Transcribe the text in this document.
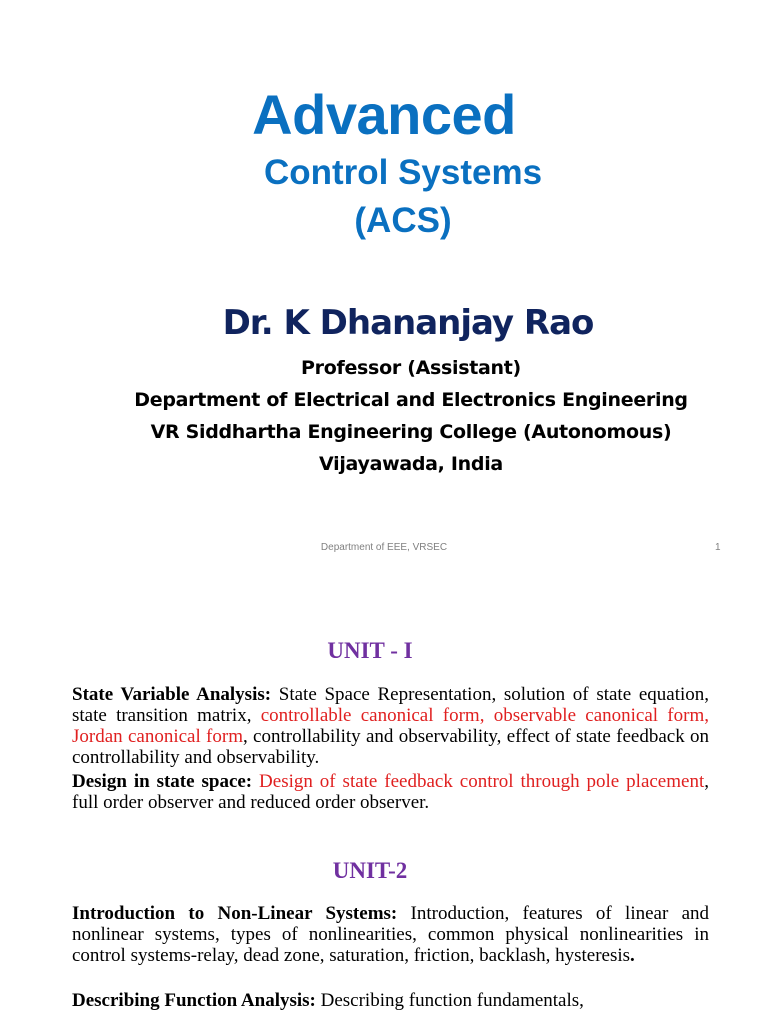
Advanced
Control Systems
(ACS)
Dr. K Dhananjay Rao
Professor (Assistant)
Department of Electrical and Electronics Engineering
VR Siddhartha Engineering College (Autonomous)
Vijayawada, India
Department of EEE, VRSEC	1
UNIT - I

State Variable Analysis: State Space Representation, solution of state equation, state transition matrix, controllable canonical form, observable canonical form, Jordan canonical form, controllability and observability, effect of state feedback on controllability and observability.

Design in state space: Design of state feedback control through pole placement, full order observer and reduced order observer.

UNIT-2

Introduction to Non-Linear Systems: Introduction, features of linear and nonlinear systems, types of nonlinearities, common physical nonlinearities in control systems-relay, dead zone, saturation, friction, backlash, hysteresis.

Describing Function Analysis: Describing function fundamentals,
